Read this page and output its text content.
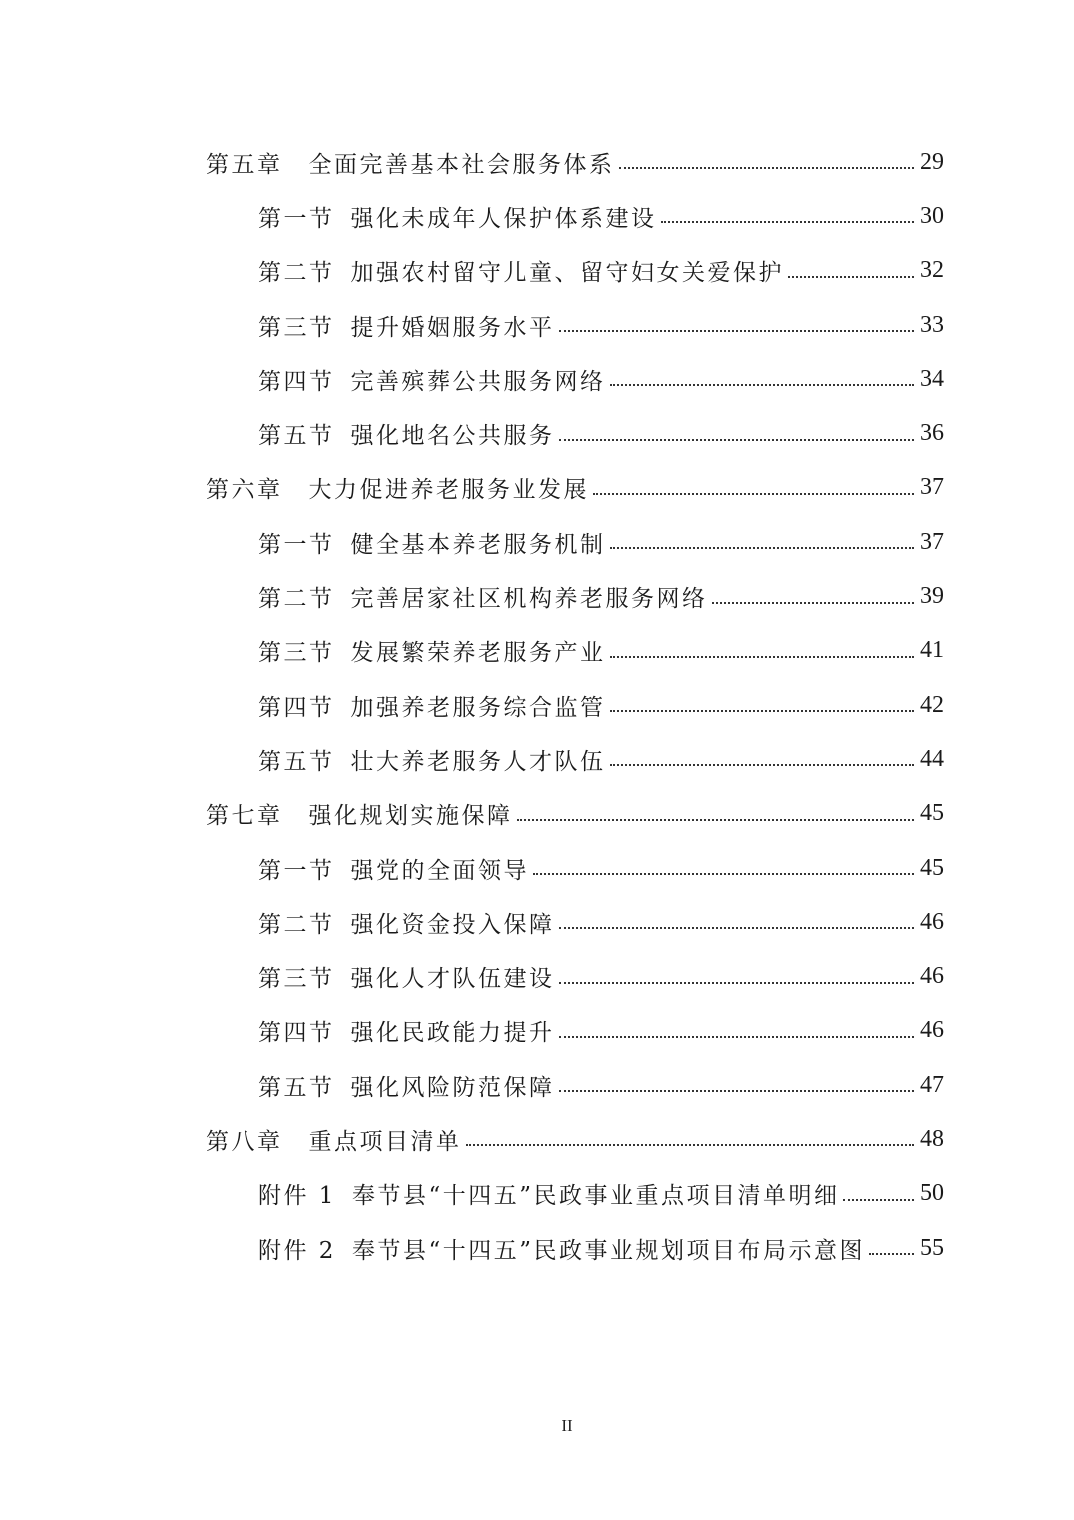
第五章 全面完善基本社会服务体系	29
第一节 强化未成年人保护体系建设	30
第二节 加强农村留守儿童、留守妇女关爱保护	32
第三节 提升婚姻服务水平	33
第四节 完善殡葬公共服务网络	34
第五节 强化地名公共服务	36
第六章 大力促进养老服务业发展	37
第一节 健全基本养老服务机制	37
第二节 完善居家社区机构养老服务网络	39
第三节 发展繁荣养老服务产业	41
第四节 加强养老服务综合监管	42
第五节 壮大养老服务人才队伍	44
第七章 强化规划实施保障	45
第一节 强党的全面领导	45
第二节 强化资金投入保障	46
第三节 强化人才队伍建设	46
第四节 强化民政能力提升	46
第五节 强化风险防范保障	47
第八章 重点项目清单	48
附件 1 奉节县“十四五”民政事业重点项目清单明细	50
附件 2 奉节县“十四五”民政事业规划项目布局示意图 55
II
